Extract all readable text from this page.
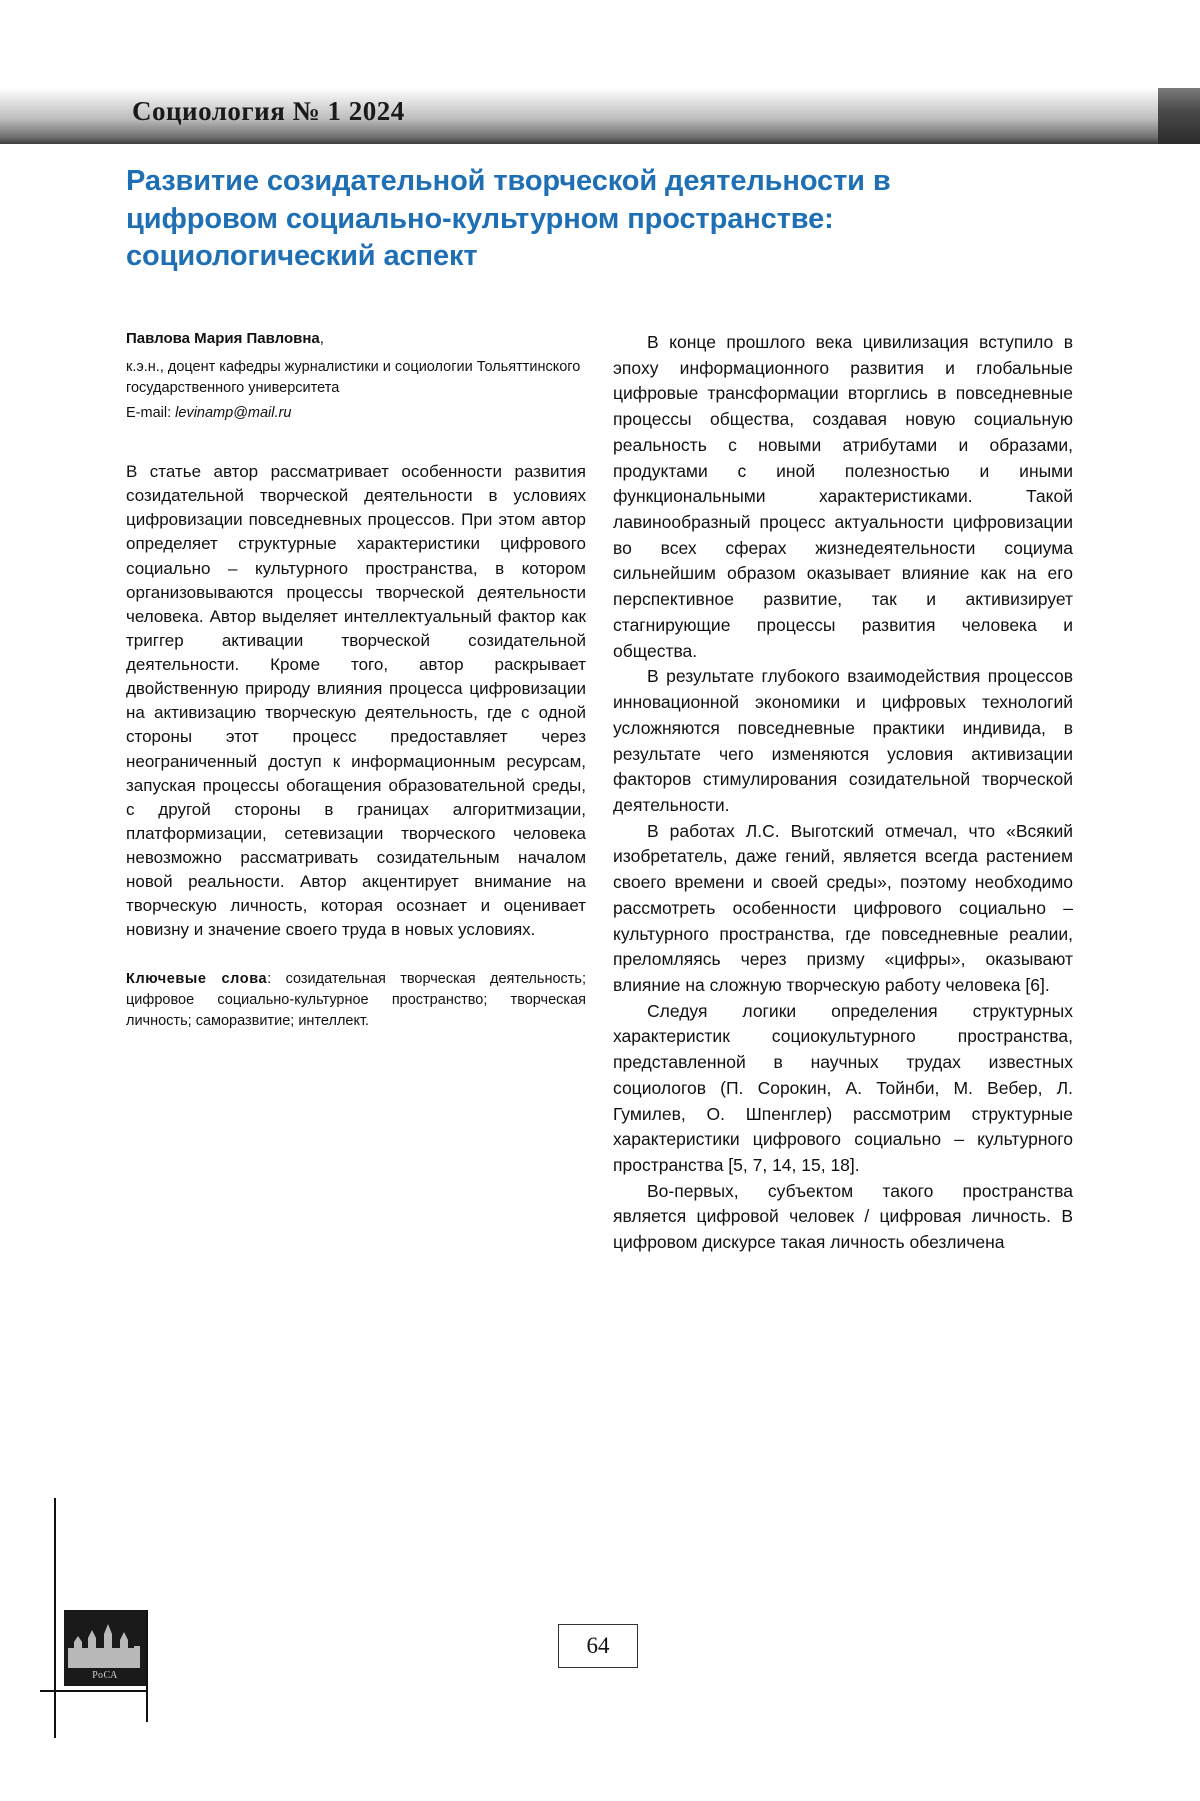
Социология № 1 2024
Развитие созидательной творческой деятельности в цифровом социально-культурном пространстве: социологический аспект

Павлова Мария Павловна,

к.э.н., доцент кафедры журналистики и социологии Тольяттинского государственного университета

E-mail: levinamp@mail.ru

В статье автор рассматривает особенности развития созидательной творческой деятельности в условиях цифровизации повседневных процессов. При этом автор определяет структурные характеристики цифрового социально – культурного пространства, в котором организовываются процессы творческой деятельности человека. Автор выделяет интеллектуальный фактор как триггер активации творческой созидательной деятельности. Кроме того, автор раскрывает двойственную природу влияния процесса цифровизации на активизацию творческую деятельность, где с одной стороны этот процесс предоставляет через неограниченный доступ к информационным ресурсам, запуская процессы обогащения образовательной среды, с другой стороны в границах алгоритмизации, платформизации, сетевизации творческого человека невозможно рассматривать созидательным началом новой реальности. Автор акцентирует внимание на творческую личность, которая осознает и оценивает новизну и значение своего труда в новых условиях.
Ключевые слова: созидательная творческая деятельность; цифровое социально-культурное пространство; творческая личность; саморазвитие; интеллект.

В конце прошлого века цивилизация вступило в эпоху информационного развития и глобальные цифровые трансформации вторглись в повседневные процессы общества, создавая новую социальную реальность с новыми атрибутами и образами, продуктами с иной полезностью и иными функциональными характеристиками. Такой лавинообразный процесс актуальности цифровизации во всех сферах жизнедеятельности социума сильнейшим образом оказывает влияние как на его перспективное развитие, так и активизирует стагнирующие процессы развития человека и общества.

В результате глубокого взаимодействия процессов инновационной экономики и цифровых технологий усложняются повседневные практики индивида, в результате чего изменяются условия активизации факторов стимулирования созидательной творческой деятельности.

В работах Л.С. Выготский отмечал, что «Всякий изобретатель, даже гений, является всегда растением своего времени и своей среды», поэтому необходимо рассмотреть особенности цифрового социально – культурного пространства, где повседневные реалии, преломляясь через призму «цифры», оказывают влияние на сложную творческую работу человека [6].

Следуя логики определения структурных характеристик социокультурного пространства, представленной в научных трудах известных социологов (П. Сорокин, А. Тойнби, М. Вебер, Л. Гумилев, О. Шпенглер) рассмотрим структурные характеристики цифрового социально – культурного пространства [5, 7, 14, 15, 18].

Во-первых, субъектом такого пространства является цифровой человек / цифровая личность. В цифровом дискурсе такая личность обезличена

64
РоСА
